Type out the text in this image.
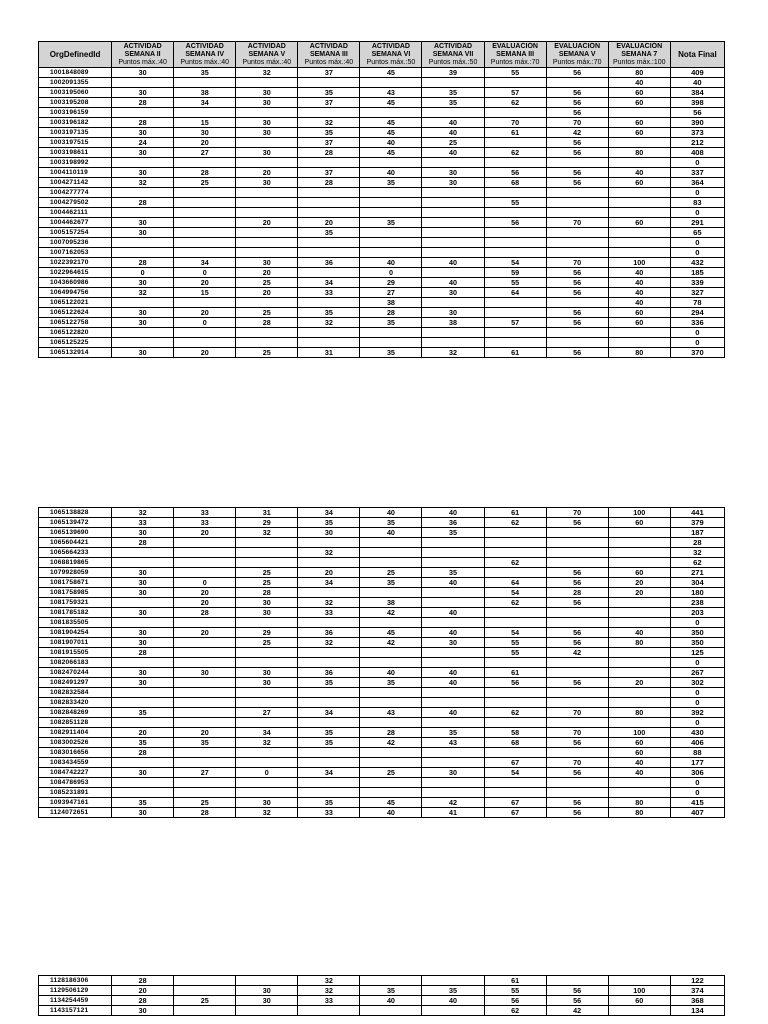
OrgDefinedId	ACTIVIDAD
SEMANA II
Puntos máx.:40	ACTIVIDAD
SEMANA IV
Puntos máx.:40	ACTIVIDAD
SEMANA V
Puntos máx.:40	ACTIVIDAD
SEMANA III
Puntos máx.:40	ACTIVIDAD
SEMANA VI
Puntos máx.:50	ACTIVIDAD
SEMANA VII
Puntos máx.:50	EVALUACIÓN
SEMANA III
Puntos máx.:70	EVALUACIÓN
SEMANA V
Puntos máx.:70	EVALUACIÓN
SEMANA 7
Puntos máx.:100	Nota Final

1001848089	30	35	32	37	45	39	55	56	80	409
1002091355									40	40
1003195060	30	38	30	35	43	35	57	56	60	384
1003195208	28	34	30	37	45	35	62	56	60	398
1003196159								56		56
1003196182	28	15	30	32	45	40	70	70	60	390
1003197135	30	30	30	35	45	40	61	42	60	373
1003197515	24	20		37	40	25		56		212
1003198611	30	27	30	28	45	40	62	56	80	408
1003198992										0
1004110119	30	28	20	37	40	30	56	56	40	337
1004271142	32	25	30	28	35	30	68	56	60	364
1004277774										0
1004279502	28						55			83
1004462111										0
1004462677	30		20	20	35		56	70	60	291
1005157254	30			35						65
1007095236										0
1007162053										0
1022392170	28	34	30	36	40	40	54	70	100	432
1022964615	0	0	20		0		59	56	40	185
1043660986	30	20	25	34	29	40	55	56	40	339
1064994756	32	15	20	33	27	30	64	56	40	327
1065122021					38				40	78
1065122624	30	20	25	35	28	30		56	60	294
1065122758	30	0	28	32	35	38	57	56	60	336
1065122820										0
1065125225										0
1065132914	30	20	25	31	35	32	61	56	80	370
1065138828	32	33	31	34	40	40	61	70	100	441
1065139472	33	33	29	35	35	36	62	56	60	379
1065139690	30	20	32	30	40	35				187
1065604421	28									28
1065664233				32						32
1068819865							62			62
1079928059	30		25	20	25	35		56	60	271
1081758671	30	0	25	34	35	40	64	56	20	304
1081758985	30	20	28				54	28	20	180
1081759321		20	30	32	38		62	56		238
1081785182	30	28	30	33	42	40				203
1081835505										0
1081904254	30	20	29	36	45	40	54	56	40	350
1081907011	30		25	32	42	30	55	56	80	350
1081915505	28						55	42		125
1082066183										0
1082470244	30	30	30	36	40	40	61			267
1082491297	30		30	35	35	40	56	56	20	302
1082832584										0
1082833420										0
1082848269	35		27	34	43	40	62	70	80	392
1082851128										0
1082911404	20	20	34	35	28	35	58	70	100	430
1083002526	35	35	32	35	42	43	68	56	60	406
1083016656	28								60	88
1083434559							67	70	40	177
1084742227	30	27	0	34	25	30	54	56	40	306
1084786953										0
1085231891										0
1093947161	35	25	30	35	45	42	67	56	80	415
1124072651	30	28	32	33	40	41	67	56	80	407
1128186306	28			32			61			122
1129506129	20		30	32	35	35	55	56	100	374
1134254459	28	25	30	33	40	40	56	56	60	368
1143157121	30						62	42		134
